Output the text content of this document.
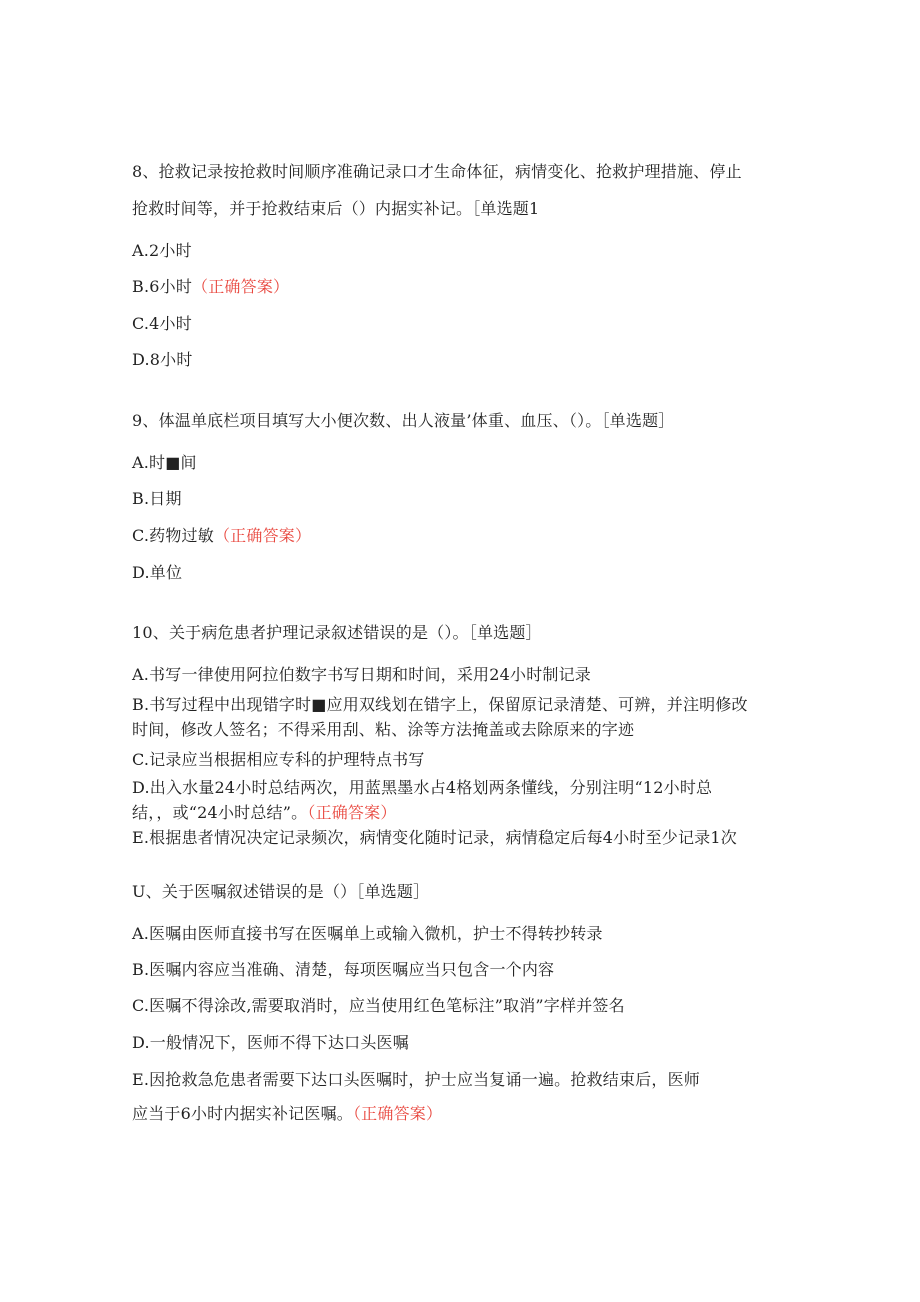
8、抢救记录按抢救时间顺序准确记录口才生命体征，病情变化、抢救护理措施、停止
抢救时间等，并于抢救结束后（）内据实补记。［单选题1
A.2小时
B.6小时（正确答案）
C.4小时
D.8小时
9、体温单底栏项目填写大小便次数、出人液量’体重、血压、（）。［单选题］
A.时■间
B.日期
C.药物过敏（正确答案）
D.单位
10、关于病危患者护理记录叙述错误的是（）。［单选题］
A.书写一律使用阿拉伯数字书写日期和时间，采用24小时制记录
B.书写过程中出现错字时■应用双线划在错字上，保留原记录清楚、可辨，并注明修改
时间，修改人签名；不得采用刮、粘、涂等方法掩盖或去除原来的字迹
C.记录应当根据相应专科的护理特点书写
D.出入水量24小时总结两次，用蓝黑墨水占4格划两条懂线，分别注明“12小时总
结，，或“24小时总结”。（正确答案）
E.根据患者情况决定记录频次，病情变化随时记录，病情稳定后每4小时至少记录1次
U、关于医嘱叙述错误的是（）［单选题］
A.医嘱由医师直接书写在医嘱单上或输入微机，护士不得转抄转录
B.医嘱内容应当准确、清楚，每项医嘱应当只包含一个内容
C.医嘱不得涂改,需要取消时，应当使用红色笔标注”取消”字样并签名
D.一般情况下，医师不得下达口头医嘱
E.因抢救急危患者需要下达口头医嘱时，护士应当复诵一遍。抢救结束后，医师
应当于6小时内据实补记医嘱。（正确答案）
